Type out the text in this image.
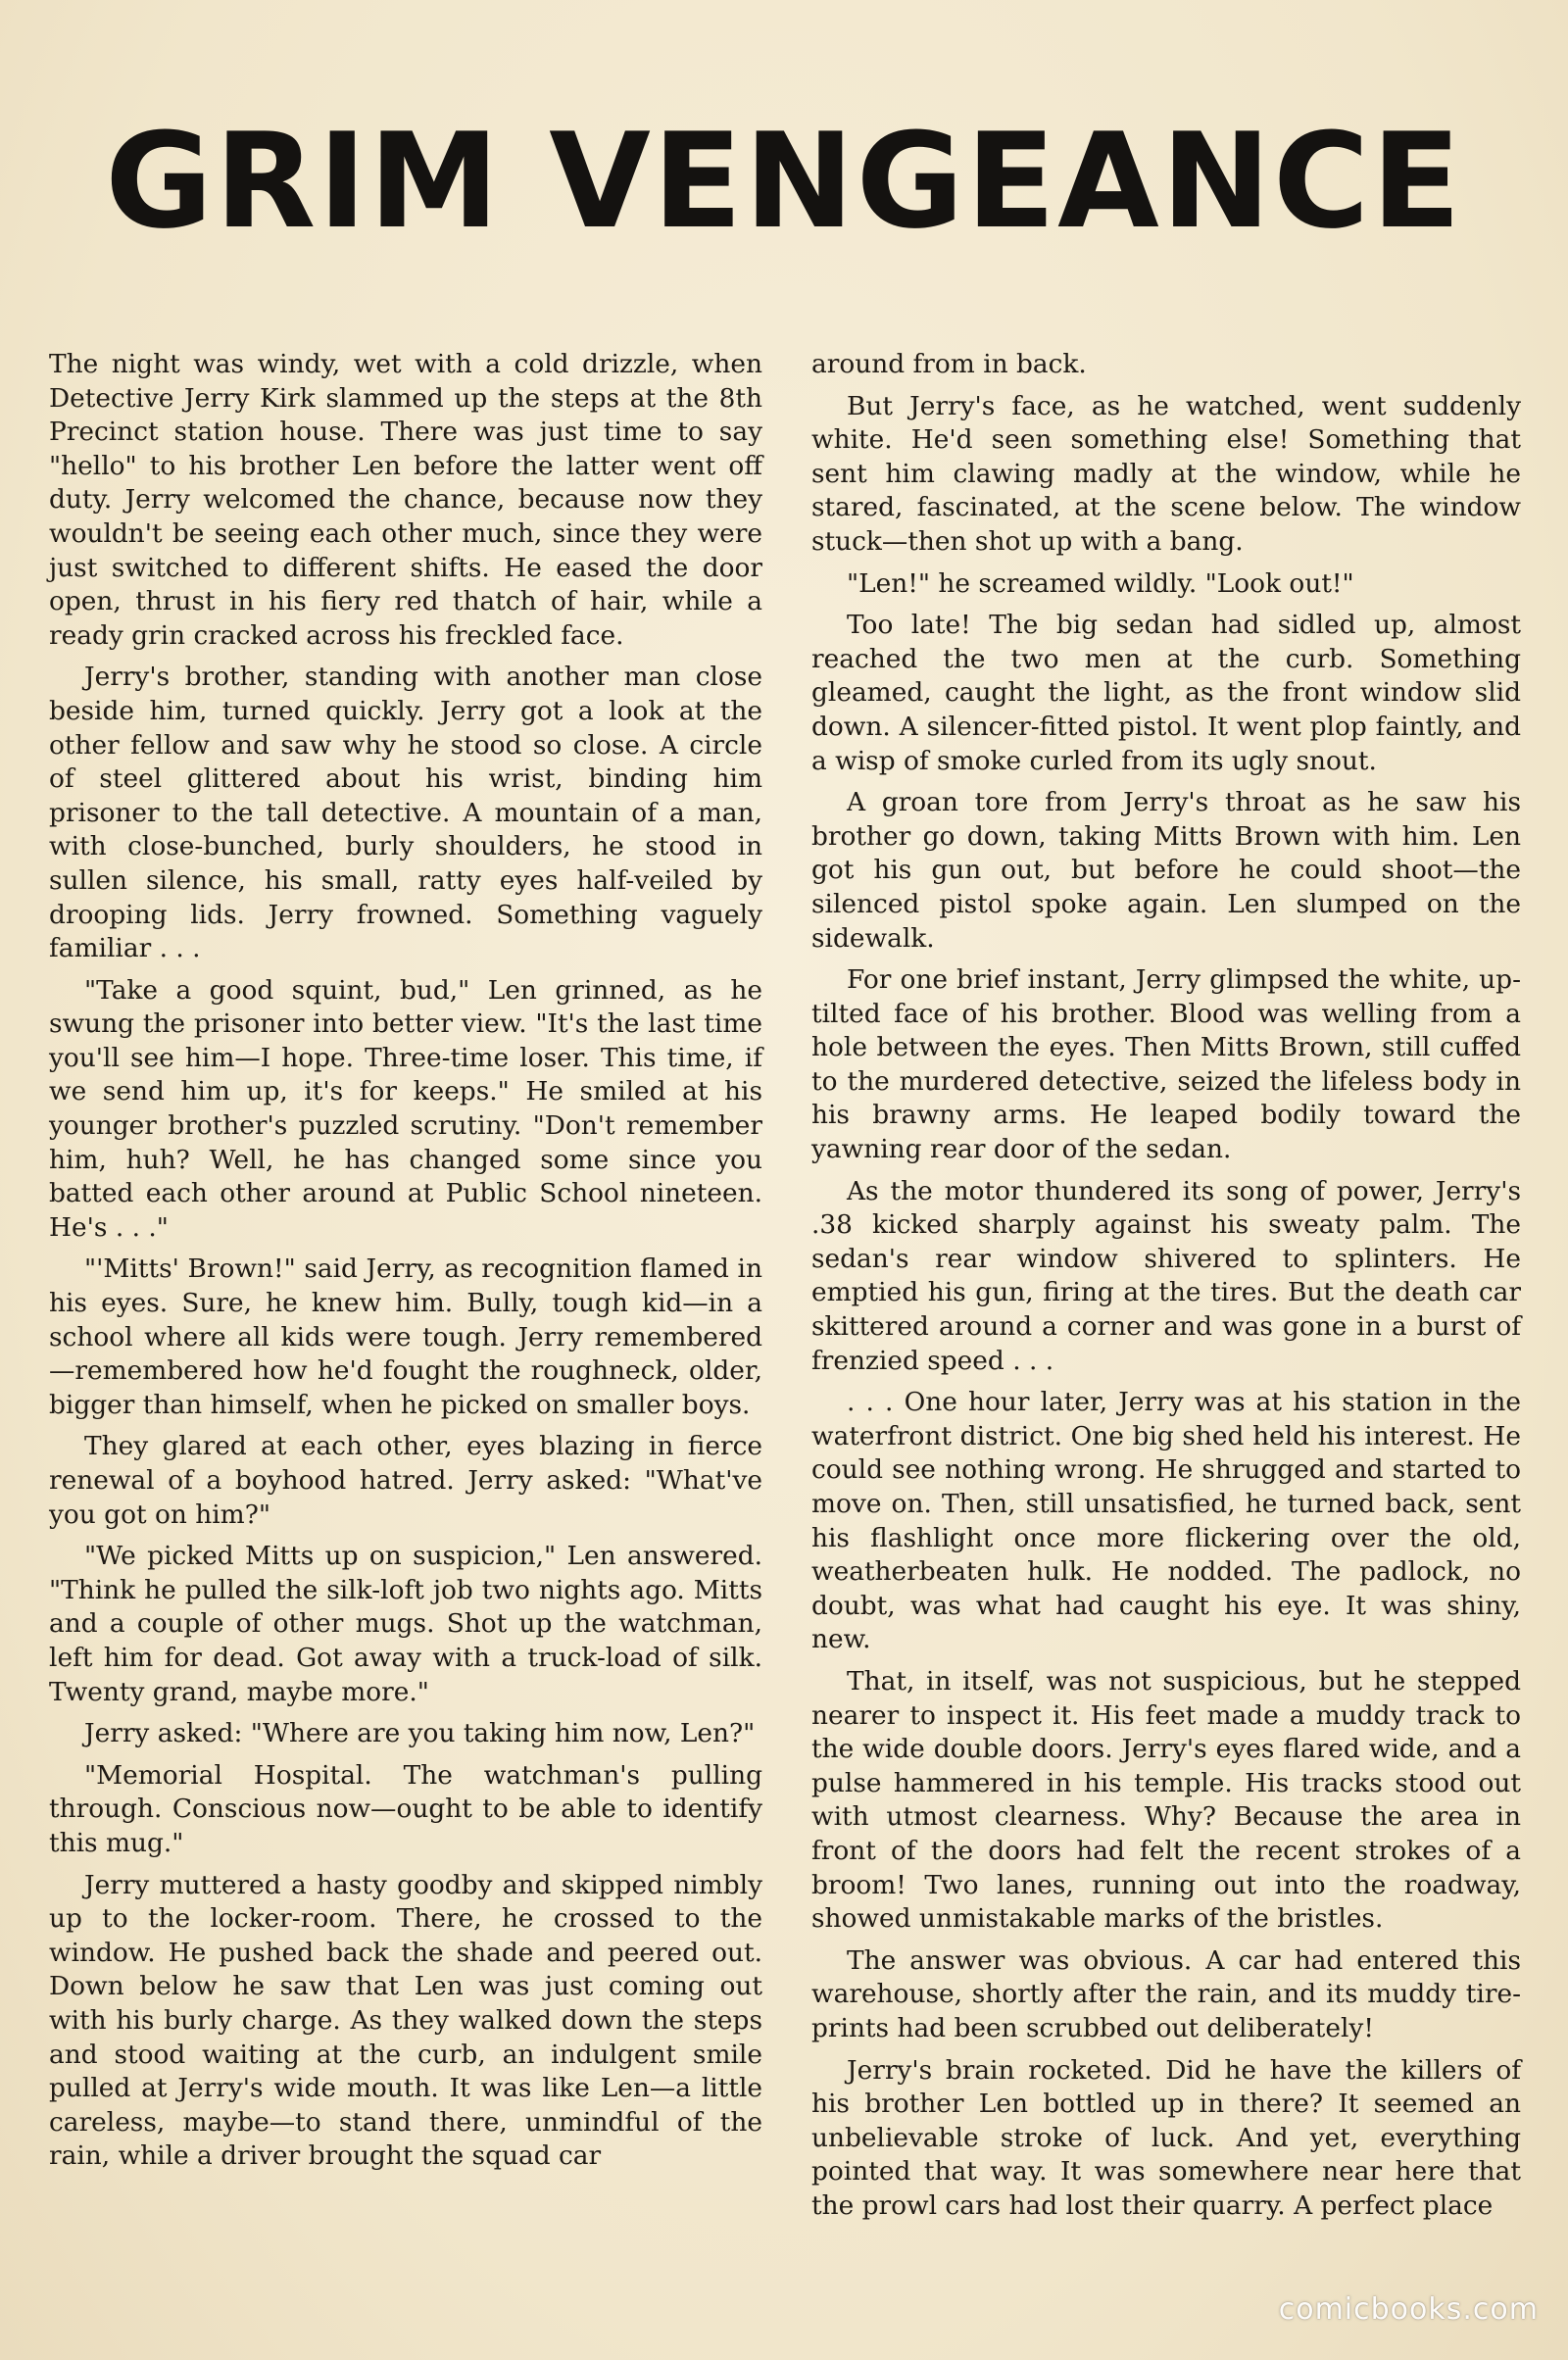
GRIM VENGEANCE

The night was windy, wet with a cold drizzle, when Detective Jerry Kirk slammed up the steps at the 8th Precinct station house. There was just time to say "hello" to his brother Len before the latter went off duty. Jerry welcomed the chance, because now they wouldn't be seeing each other much, since they were just switched to different shifts. He eased the door open, thrust in his fiery red thatch of hair, while a ready grin cracked across his freckled face.

Jerry's brother, standing with another man close beside him, turned quickly. Jerry got a look at the other fellow and saw why he stood so close. A circle of steel glittered about his wrist, binding him prisoner to the tall detective. A mountain of a man, with close-bunched, burly shoulders, he stood in sullen silence, his small, ratty eyes half-veiled by drooping lids. Jerry frowned. Something vaguely familiar . . .

"Take a good squint, bud," Len grinned, as he swung the prisoner into better view. "It's the last time you'll see him—I hope. Three-time loser. This time, if we send him up, it's for keeps." He smiled at his younger brother's puzzled scrutiny. "Don't remember him, huh? Well, he has changed some since you batted each other around at Public School nineteen. He's . . ."

"'Mitts' Brown!" said Jerry, as recognition flamed in his eyes. Sure, he knew him. Bully, tough kid—in a school where all kids were tough. Jerry remembered—remembered how he'd fought the roughneck, older, bigger than himself, when he picked on smaller boys.

They glared at each other, eyes blazing in fierce renewal of a boyhood hatred. Jerry asked: "What've you got on him?"

"We picked Mitts up on suspicion," Len answered. "Think he pulled the silk-loft job two nights ago. Mitts and a couple of other mugs. Shot up the watchman, left him for dead. Got away with a truck-load of silk. Twenty grand, maybe more."

Jerry asked: "Where are you taking him now, Len?"

"Memorial Hospital. The watchman's pulling through. Conscious now—ought to be able to identify this mug."

Jerry muttered a hasty goodby and skipped nimbly up to the locker-room. There, he crossed to the window. He pushed back the shade and peered out. Down below he saw that Len was just coming out with his burly charge. As they walked down the steps and stood waiting at the curb, an indulgent smile pulled at Jerry's wide mouth. It was like Len—a little careless, maybe—to stand there, unmindful of the rain, while a driver brought the squad car

around from in back.

But Jerry's face, as he watched, went suddenly white. He'd seen something else! Something that sent him clawing madly at the window, while he stared, fascinated, at the scene below. The window stuck—then shot up with a bang.

"Len!" he screamed wildly. "Look out!"

Too late! The big sedan had sidled up, almost reached the two men at the curb. Something gleamed, caught the light, as the front window slid down. A silencer-fitted pistol. It went plop faintly, and a wisp of smoke curled from its ugly snout.

A groan tore from Jerry's throat as he saw his brother go down, taking Mitts Brown with him. Len got his gun out, but before he could shoot—the silenced pistol spoke again. Len slumped on the sidewalk.

For one brief instant, Jerry glimpsed the white, up-tilted face of his brother. Blood was welling from a hole between the eyes. Then Mitts Brown, still cuffed to the murdered detective, seized the lifeless body in his brawny arms. He leaped bodily toward the yawning rear door of the sedan.

As the motor thundered its song of power, Jerry's .38 kicked sharply against his sweaty palm. The sedan's rear window shivered to splinters. He emptied his gun, firing at the tires. But the death car skittered around a corner and was gone in a burst of frenzied speed . . .

. . . One hour later, Jerry was at his station in the waterfront district. One big shed held his interest. He could see nothing wrong. He shrugged and started to move on. Then, still unsatisfied, he turned back, sent his flashlight once more flickering over the old, weatherbeaten hulk. He nodded. The padlock, no doubt, was what had caught his eye. It was shiny, new.

That, in itself, was not suspicious, but he stepped nearer to inspect it. His feet made a muddy track to the wide double doors. Jerry's eyes flared wide, and a pulse hammered in his temple. His tracks stood out with utmost clearness. Why? Because the area in front of the doors had felt the recent strokes of a broom! Two lanes, running out into the roadway, showed unmistakable marks of the bristles.

The answer was obvious. A car had entered this warehouse, shortly after the rain, and its muddy tire-prints had been scrubbed out deliberately!

Jerry's brain rocketed. Did he have the killers of his brother Len bottled up in there? It seemed an unbelievable stroke of luck. And yet, everything pointed that way. It was somewhere near here that the prowl cars had lost their quarry. A perfect place

comicbooks.com
